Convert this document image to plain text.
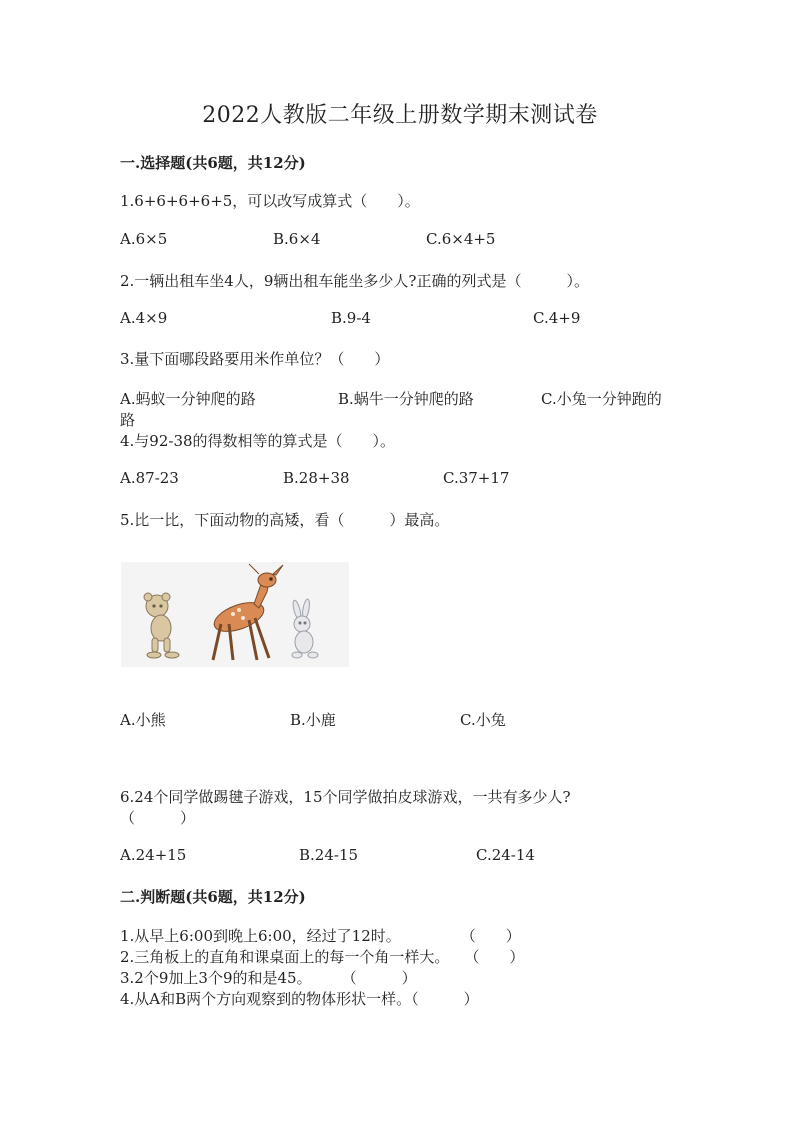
2022人教版二年级上册数学期末测试卷
一.选择题(共6题，共12分)
1.6+6+6+6+5，可以改写成算式（　　）。
A.6×5	B.6×4	C.6×4+5
2.一辆出租车坐4人，9辆出租车能坐多少人?正确的列式是（　　　）。
A.4×9	B.9-4	C.4+9
3.量下面哪段路要用米作单位？（　　）
A.蚂蚁一分钟爬的路	B.蜗牛一分钟爬的路	C.小兔一分钟跑的
路
4.与92-38的得数相等的算式是（　　）。
A.87-23	B.28+38	C.37+17
5.比一比，下面动物的高矮，看（　　　）最高。
A.小熊	B.小鹿	C.小兔
6.24个同学做踢毽子游戏，15个同学做拍皮球游戏，一共有多少人?
（　　　）
A.24+15	B.24-15	C.24-14
二.判断题(共6题，共12分)
1.从早上6:00到晚上6:00，经过了12时。　　　　　（　　）
2.三角板上的直角和课桌面上的每一个角一样大。　　（　　）
3.2个9加上3个9的和是45。　　　（　　　）
4.从A和B两个方向观察到的物体形状一样。（　　　）
